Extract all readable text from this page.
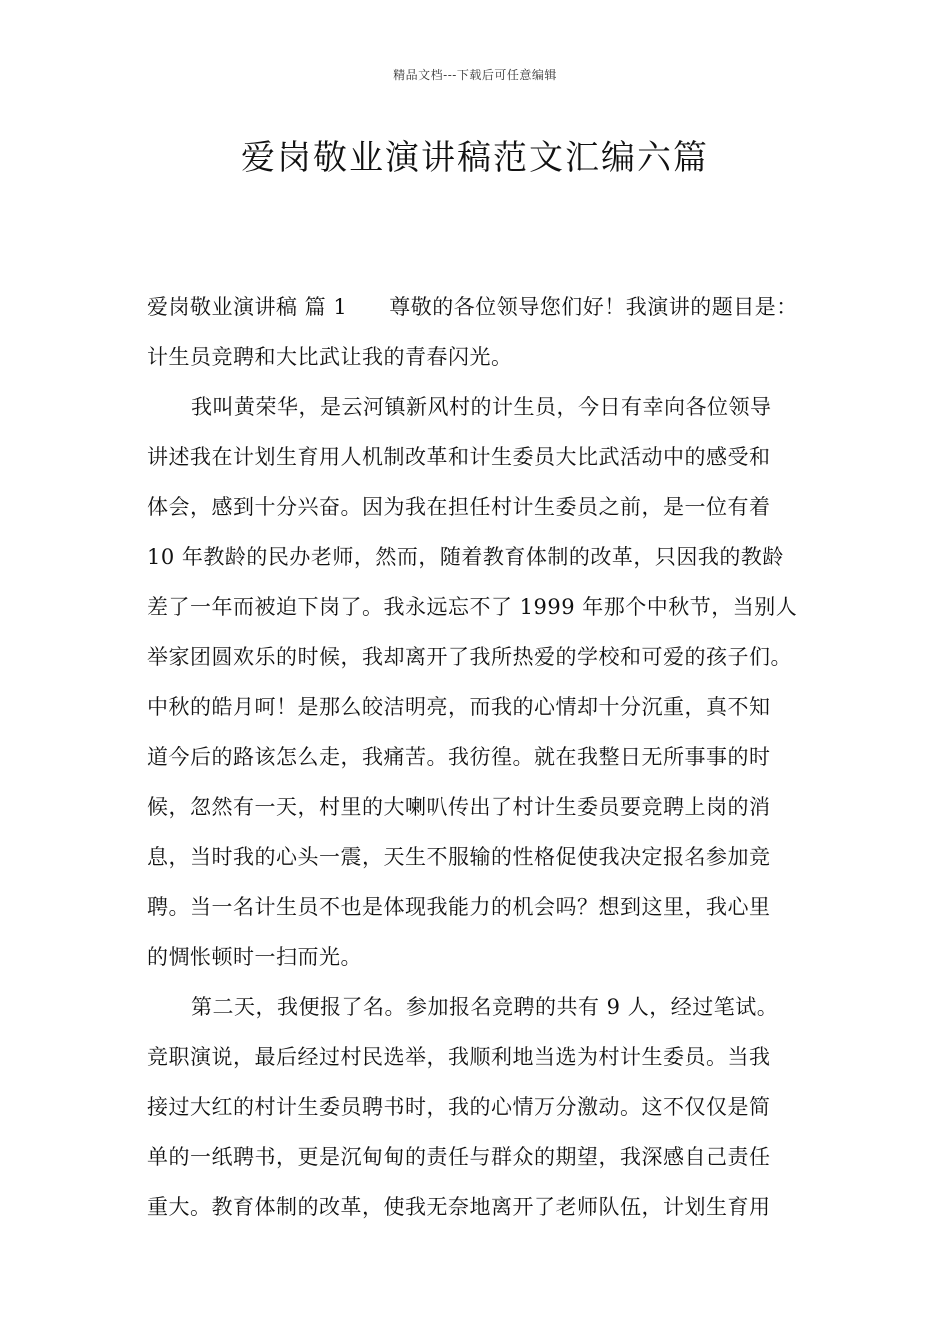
精品文档---下载后可任意编辑
爱岗敬业演讲稿范文汇编六篇
爱岗敬业演讲稿 篇 1 尊敬的各位领导您们好！我演讲的题目是：
计生员竞聘和大比武让我的青春闪光。
我叫黄荣华，是云河镇新风村的计生员，今日有幸向各位领导
讲述我在计划生育用人机制改革和计生委员大比武活动中的感受和
体会，感到十分兴奋。因为我在担任村计生委员之前，是一位有着
10 年教龄的民办老师，然而，随着教育体制的改革，只因我的教龄
差了一年而被迫下岗了。我永远忘不了 1999 年那个中秋节，当别人
举家团圆欢乐的时候，我却离开了我所热爱的学校和可爱的孩子们。
中秋的皓月呵！是那么皎洁明亮，而我的心情却十分沉重，真不知
道今后的路该怎么走，我痛苦。我彷徨。就在我整日无所事事的时
候，忽然有一天，村里的大喇叭传出了村计生委员要竞聘上岗的消
息，当时我的心头一震，天生不服输的性格促使我决定报名参加竞
聘。当一名计生员不也是体现我能力的机会吗？想到这里，我心里
的惆怅顿时一扫而光。
第二天，我便报了名。参加报名竞聘的共有 9 人，经过笔试。
竞职演说，最后经过村民选举，我顺利地当选为村计生委员。当我
接过大红的村计生委员聘书时，我的心情万分激动。这不仅仅是简
单的一纸聘书，更是沉甸甸的责任与群众的期望，我深感自己责任
重大。教育体制的改革，使我无奈地离开了老师队伍，计划生育用
